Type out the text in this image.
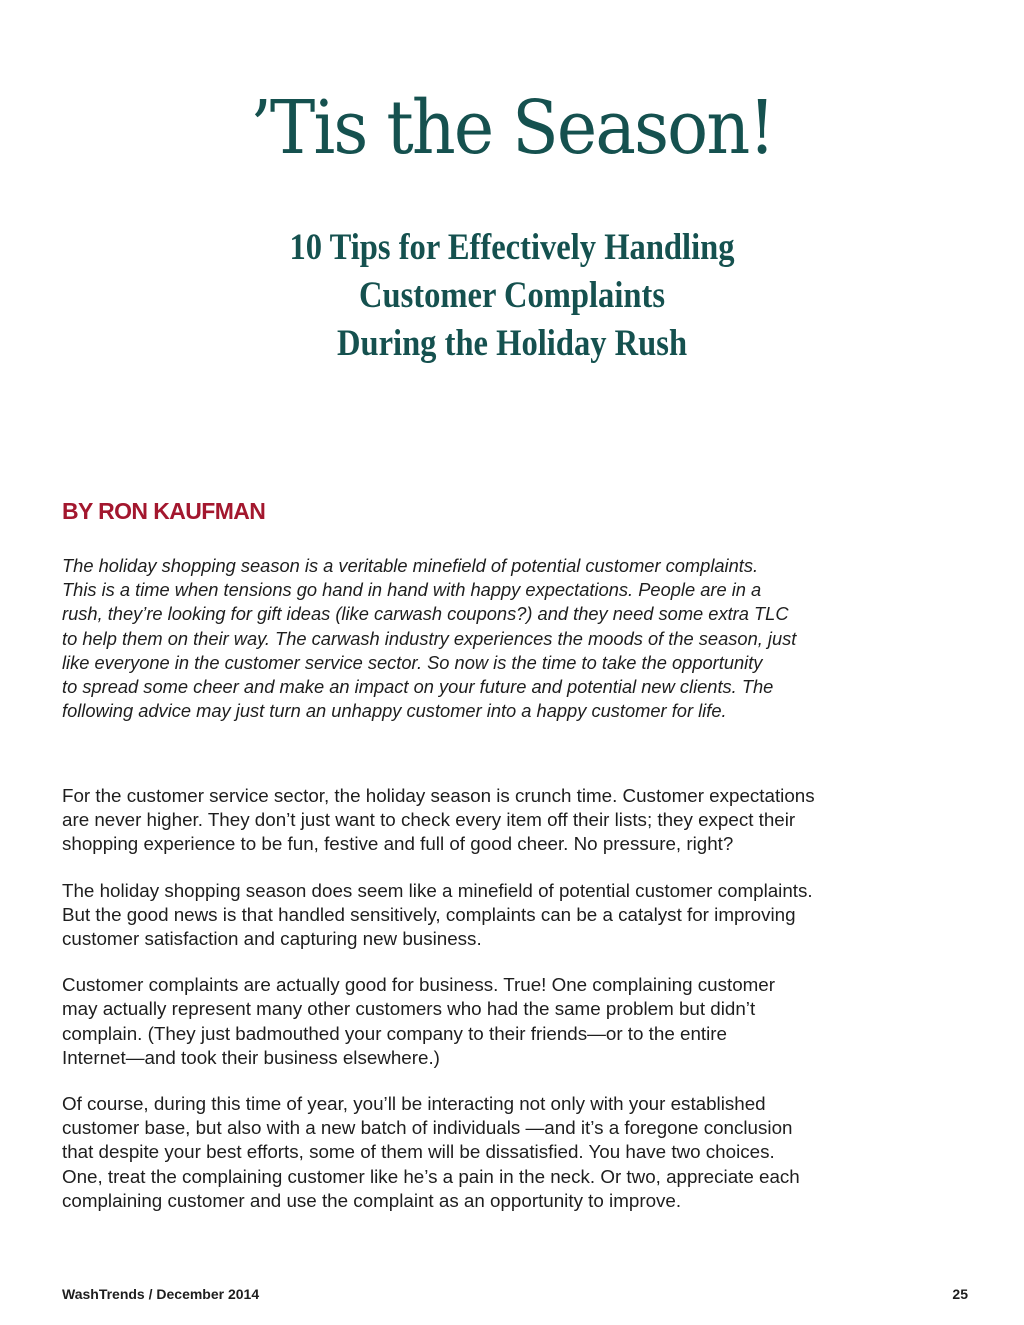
’Tis the Season!
10 Tips for Effectively Handling
Customer Complaints
During the Holiday Rush

BY RON KAUFMAN

The holiday shopping season is a veritable minefield of potential customer complaints.
This is a time when tensions go hand in hand with happy expectations. People are in a
rush, they’re looking for gift ideas (like carwash coupons?) and they need some extra TLC
to help them on their way. The carwash industry experiences the moods of the season, just
like everyone in the customer service sector. So now is the time to take the opportunity
to spread some cheer and make an impact on your future and potential new clients. The
following advice may just turn an unhappy customer into a happy customer for life.

For the customer service sector, the holiday season is crunch time. Customer expectations
are never higher. They don’t just want to check every item off their lists; they expect their
shopping experience to be fun, festive and full of good cheer. No pressure, right?

The holiday shopping season does seem like a minefield of potential customer complaints.
But the good news is that handled sensitively, complaints can be a catalyst for improving
customer satisfaction and capturing new business.

Customer complaints are actually good for business. True! One complaining customer
may actually represent many other customers who had the same problem but didn’t
complain. (They just badmouthed your company to their friends—or to the entire
Internet—and took their business elsewhere.)

Of course, during this time of year, you’ll be interacting not only with your established
customer base, but also with a new batch of individuals —and it’s a foregone conclusion
that despite your best efforts, some of them will be dissatisfied. You have two choices.
One, treat the complaining customer like he’s a pain in the neck. Or two, appreciate each
complaining customer and use the complaint as an opportunity to improve.

WashTrends / December 2014	25
